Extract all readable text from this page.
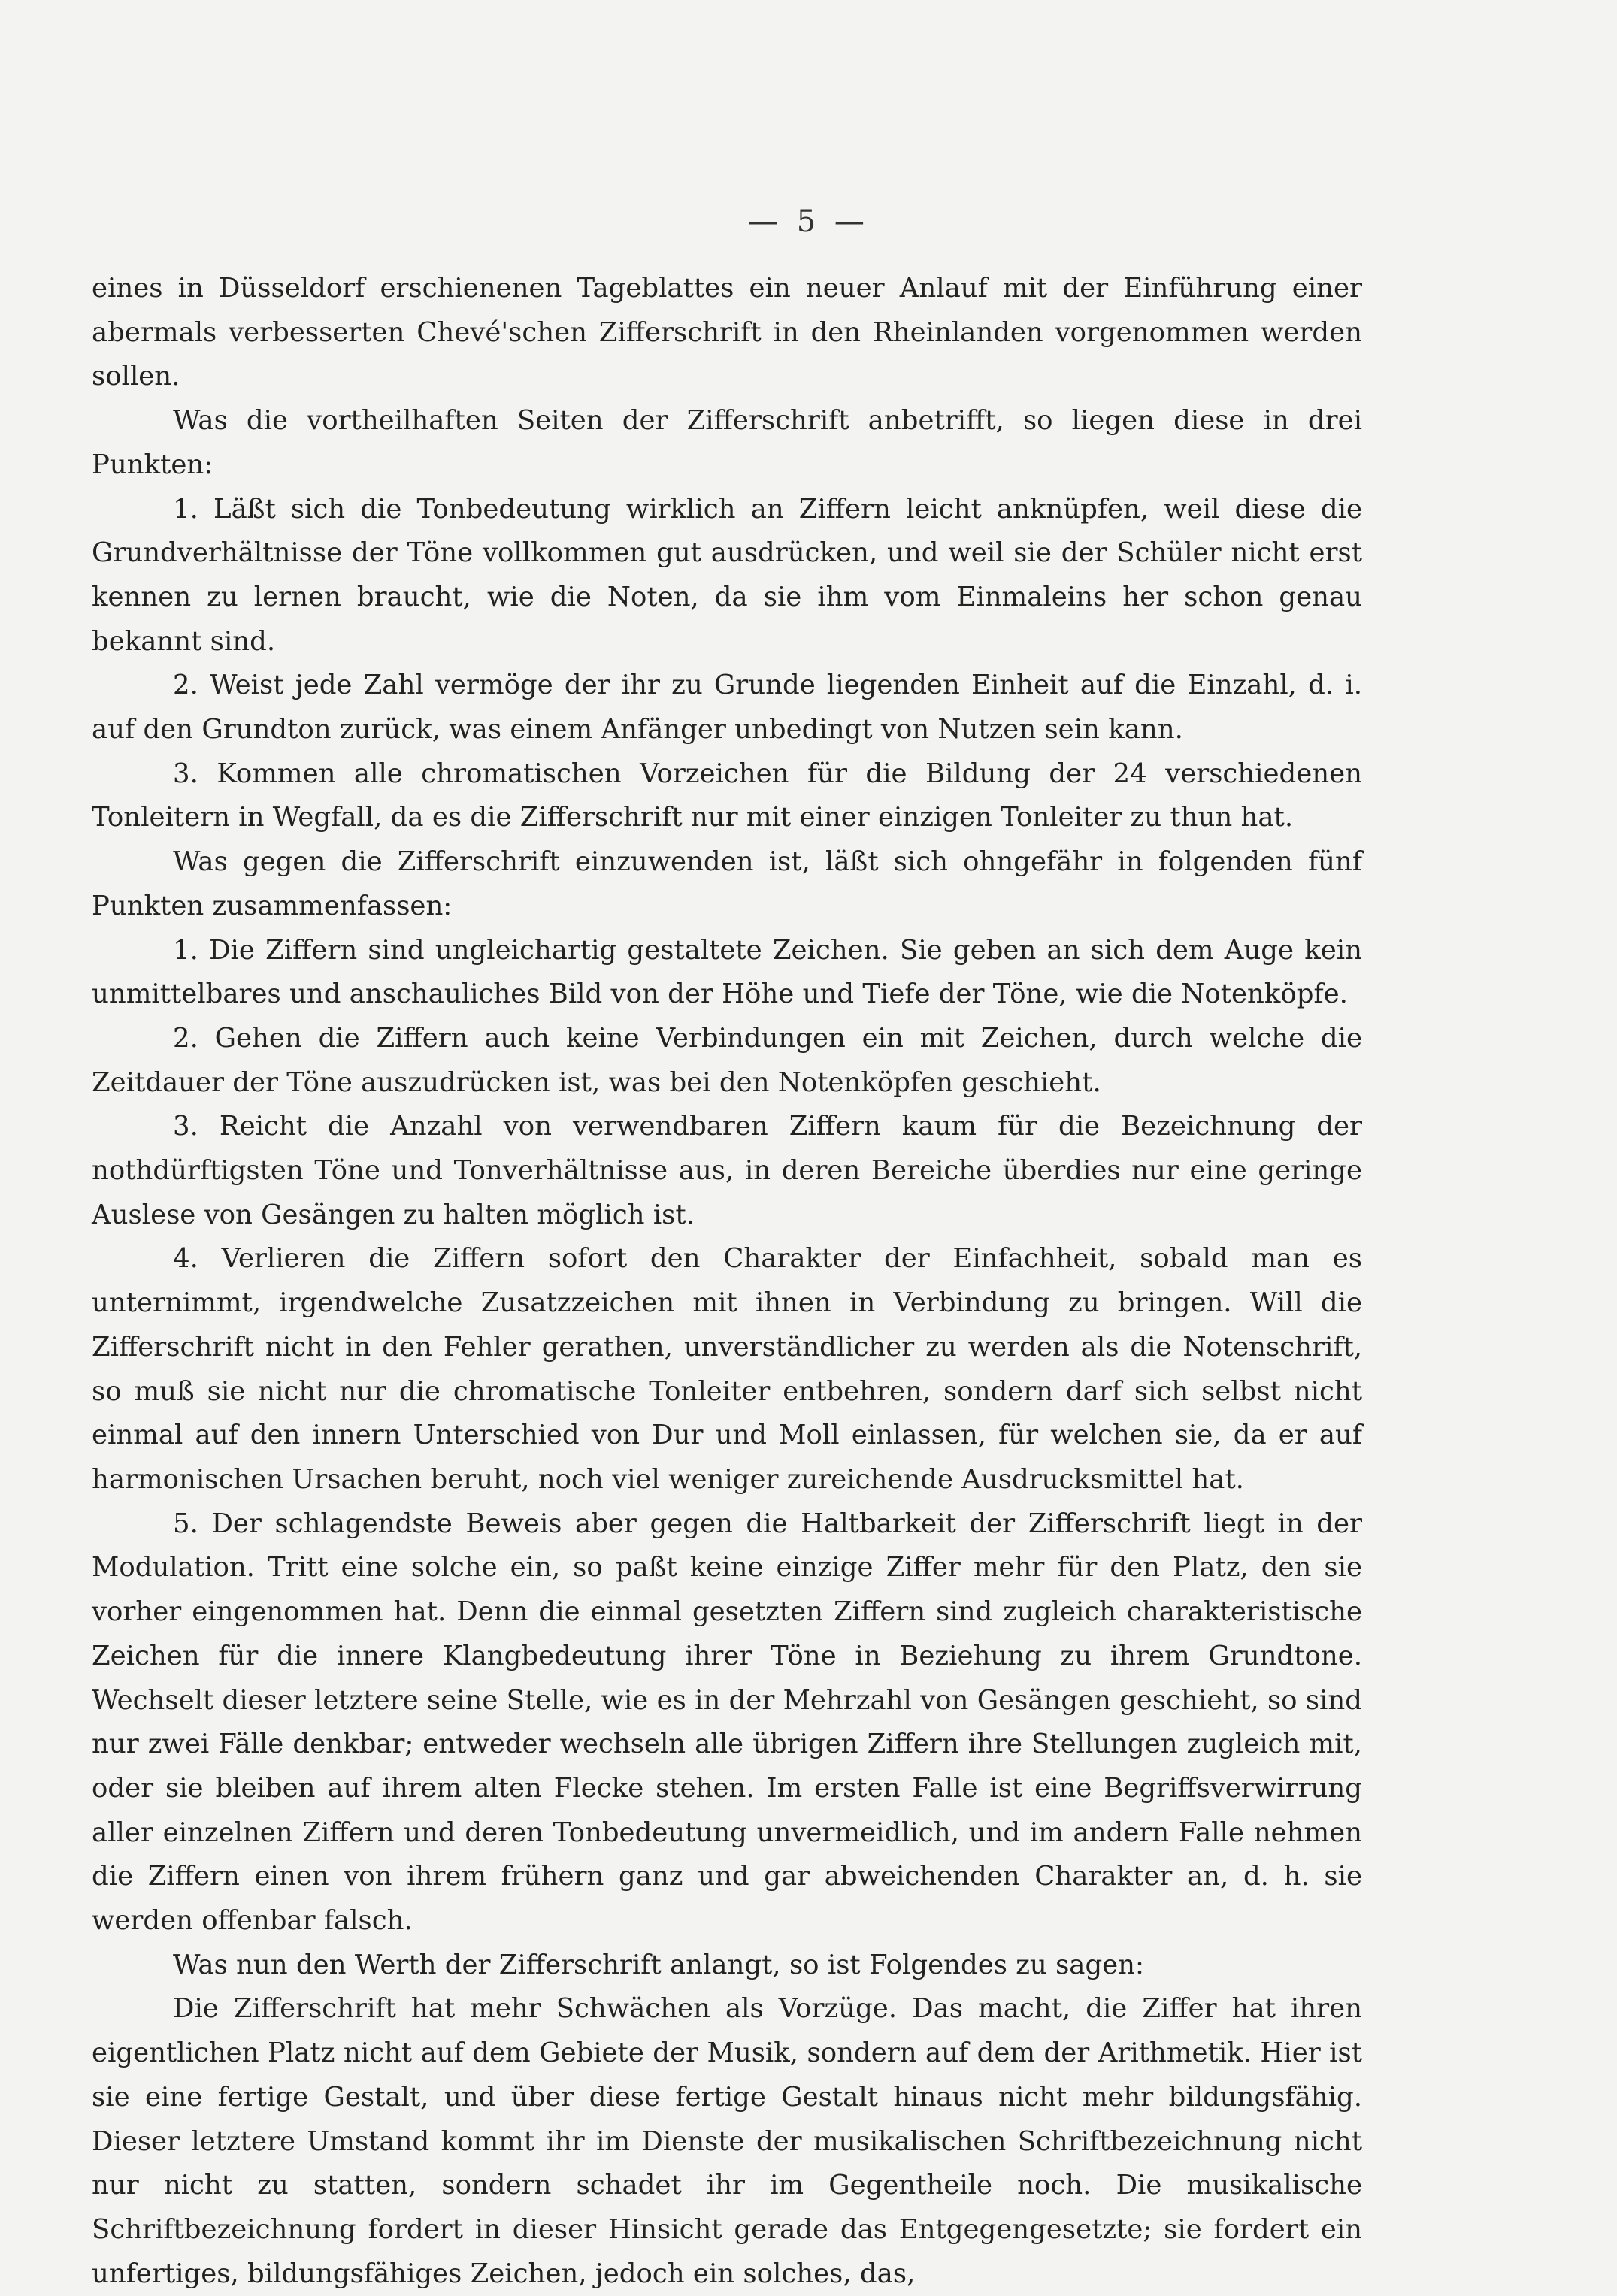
— 5 —

eines in Düsseldorf erschienenen Tageblattes ein neuer Anlauf mit der Einführung einer abermals verbesserten Chevé'schen Zifferschrift in den Rheinlanden vorgenommen werden sollen.

Was die vortheilhaften Seiten der Zifferschrift anbetrifft, so liegen diese in drei Punkten:

1. Läßt sich die Tonbedeutung wirklich an Ziffern leicht anknüpfen, weil diese die Grundverhältnisse der Töne vollkommen gut ausdrücken, und weil sie der Schüler nicht erst kennen zu lernen braucht, wie die Noten, da sie ihm vom Einmaleins her schon genau bekannt sind.

2. Weist jede Zahl vermöge der ihr zu Grunde liegenden Einheit auf die Einzahl, d. i. auf den Grundton zurück, was einem Anfänger unbedingt von Nutzen sein kann.

3. Kommen alle chromatischen Vorzeichen für die Bildung der 24 verschiedenen Tonleitern in Wegfall, da es die Zifferschrift nur mit einer einzigen Tonleiter zu thun hat.

Was gegen die Zifferschrift einzuwenden ist, läßt sich ohngefähr in folgenden fünf Punkten zusammenfassen:

1. Die Ziffern sind ungleichartig gestaltete Zeichen. Sie geben an sich dem Auge kein unmittelbares und anschauliches Bild von der Höhe und Tiefe der Töne, wie die Notenköpfe.

2. Gehen die Ziffern auch keine Verbindungen ein mit Zeichen, durch welche die Zeitdauer der Töne auszudrücken ist, was bei den Notenköpfen geschieht.

3. Reicht die Anzahl von verwendbaren Ziffern kaum für die Bezeichnung der nothdürftigsten Töne und Tonverhältnisse aus, in deren Bereiche überdies nur eine geringe Auslese von Gesängen zu halten möglich ist.

4. Verlieren die Ziffern sofort den Charakter der Einfachheit, sobald man es unternimmt, irgendwelche Zusatzzeichen mit ihnen in Verbindung zu bringen. Will die Zifferschrift nicht in den Fehler gerathen, unverständlicher zu werden als die Notenschrift, so muß sie nicht nur die chromatische Tonleiter entbehren, sondern darf sich selbst nicht einmal auf den innern Unterschied von Dur und Moll einlassen, für welchen sie, da er auf harmonischen Ursachen beruht, noch viel weniger zureichende Ausdrucksmittel hat.

5. Der schlagendste Beweis aber gegen die Haltbarkeit der Zifferschrift liegt in der Modulation. Tritt eine solche ein, so paßt keine einzige Ziffer mehr für den Platz, den sie vorher eingenommen hat. Denn die einmal gesetzten Ziffern sind zugleich charakteristische Zeichen für die innere Klangbedeutung ihrer Töne in Beziehung zu ihrem Grundtone. Wechselt dieser letztere seine Stelle, wie es in der Mehrzahl von Gesängen geschieht, so sind nur zwei Fälle denkbar; entweder wechseln alle übrigen Ziffern ihre Stellungen zugleich mit, oder sie bleiben auf ihrem alten Flecke stehen. Im ersten Falle ist eine Begriffsverwirrung aller einzelnen Ziffern und deren Tonbedeutung unvermeidlich, und im andern Falle nehmen die Ziffern einen von ihrem frühern ganz und gar abweichenden Charakter an, d. h. sie werden offenbar falsch.

Was nun den Werth der Zifferschrift anlangt, so ist Folgendes zu sagen:

Die Zifferschrift hat mehr Schwächen als Vorzüge. Das macht, die Ziffer hat ihren eigentlichen Platz nicht auf dem Gebiete der Musik, sondern auf dem der Arithmetik. Hier ist sie eine fertige Gestalt, und über diese fertige Gestalt hinaus nicht mehr bildungsfähig. Dieser letztere Umstand kommt ihr im Dienste der musikalischen Schriftbezeichnung nicht nur nicht zu statten, sondern schadet ihr im Gegentheile noch. Die musikalische Schriftbezeichnung fordert in dieser Hinsicht gerade das Entgegengesetzte; sie fordert ein unfertiges, bildungsfähiges Zeichen, jedoch ein solches, das,
